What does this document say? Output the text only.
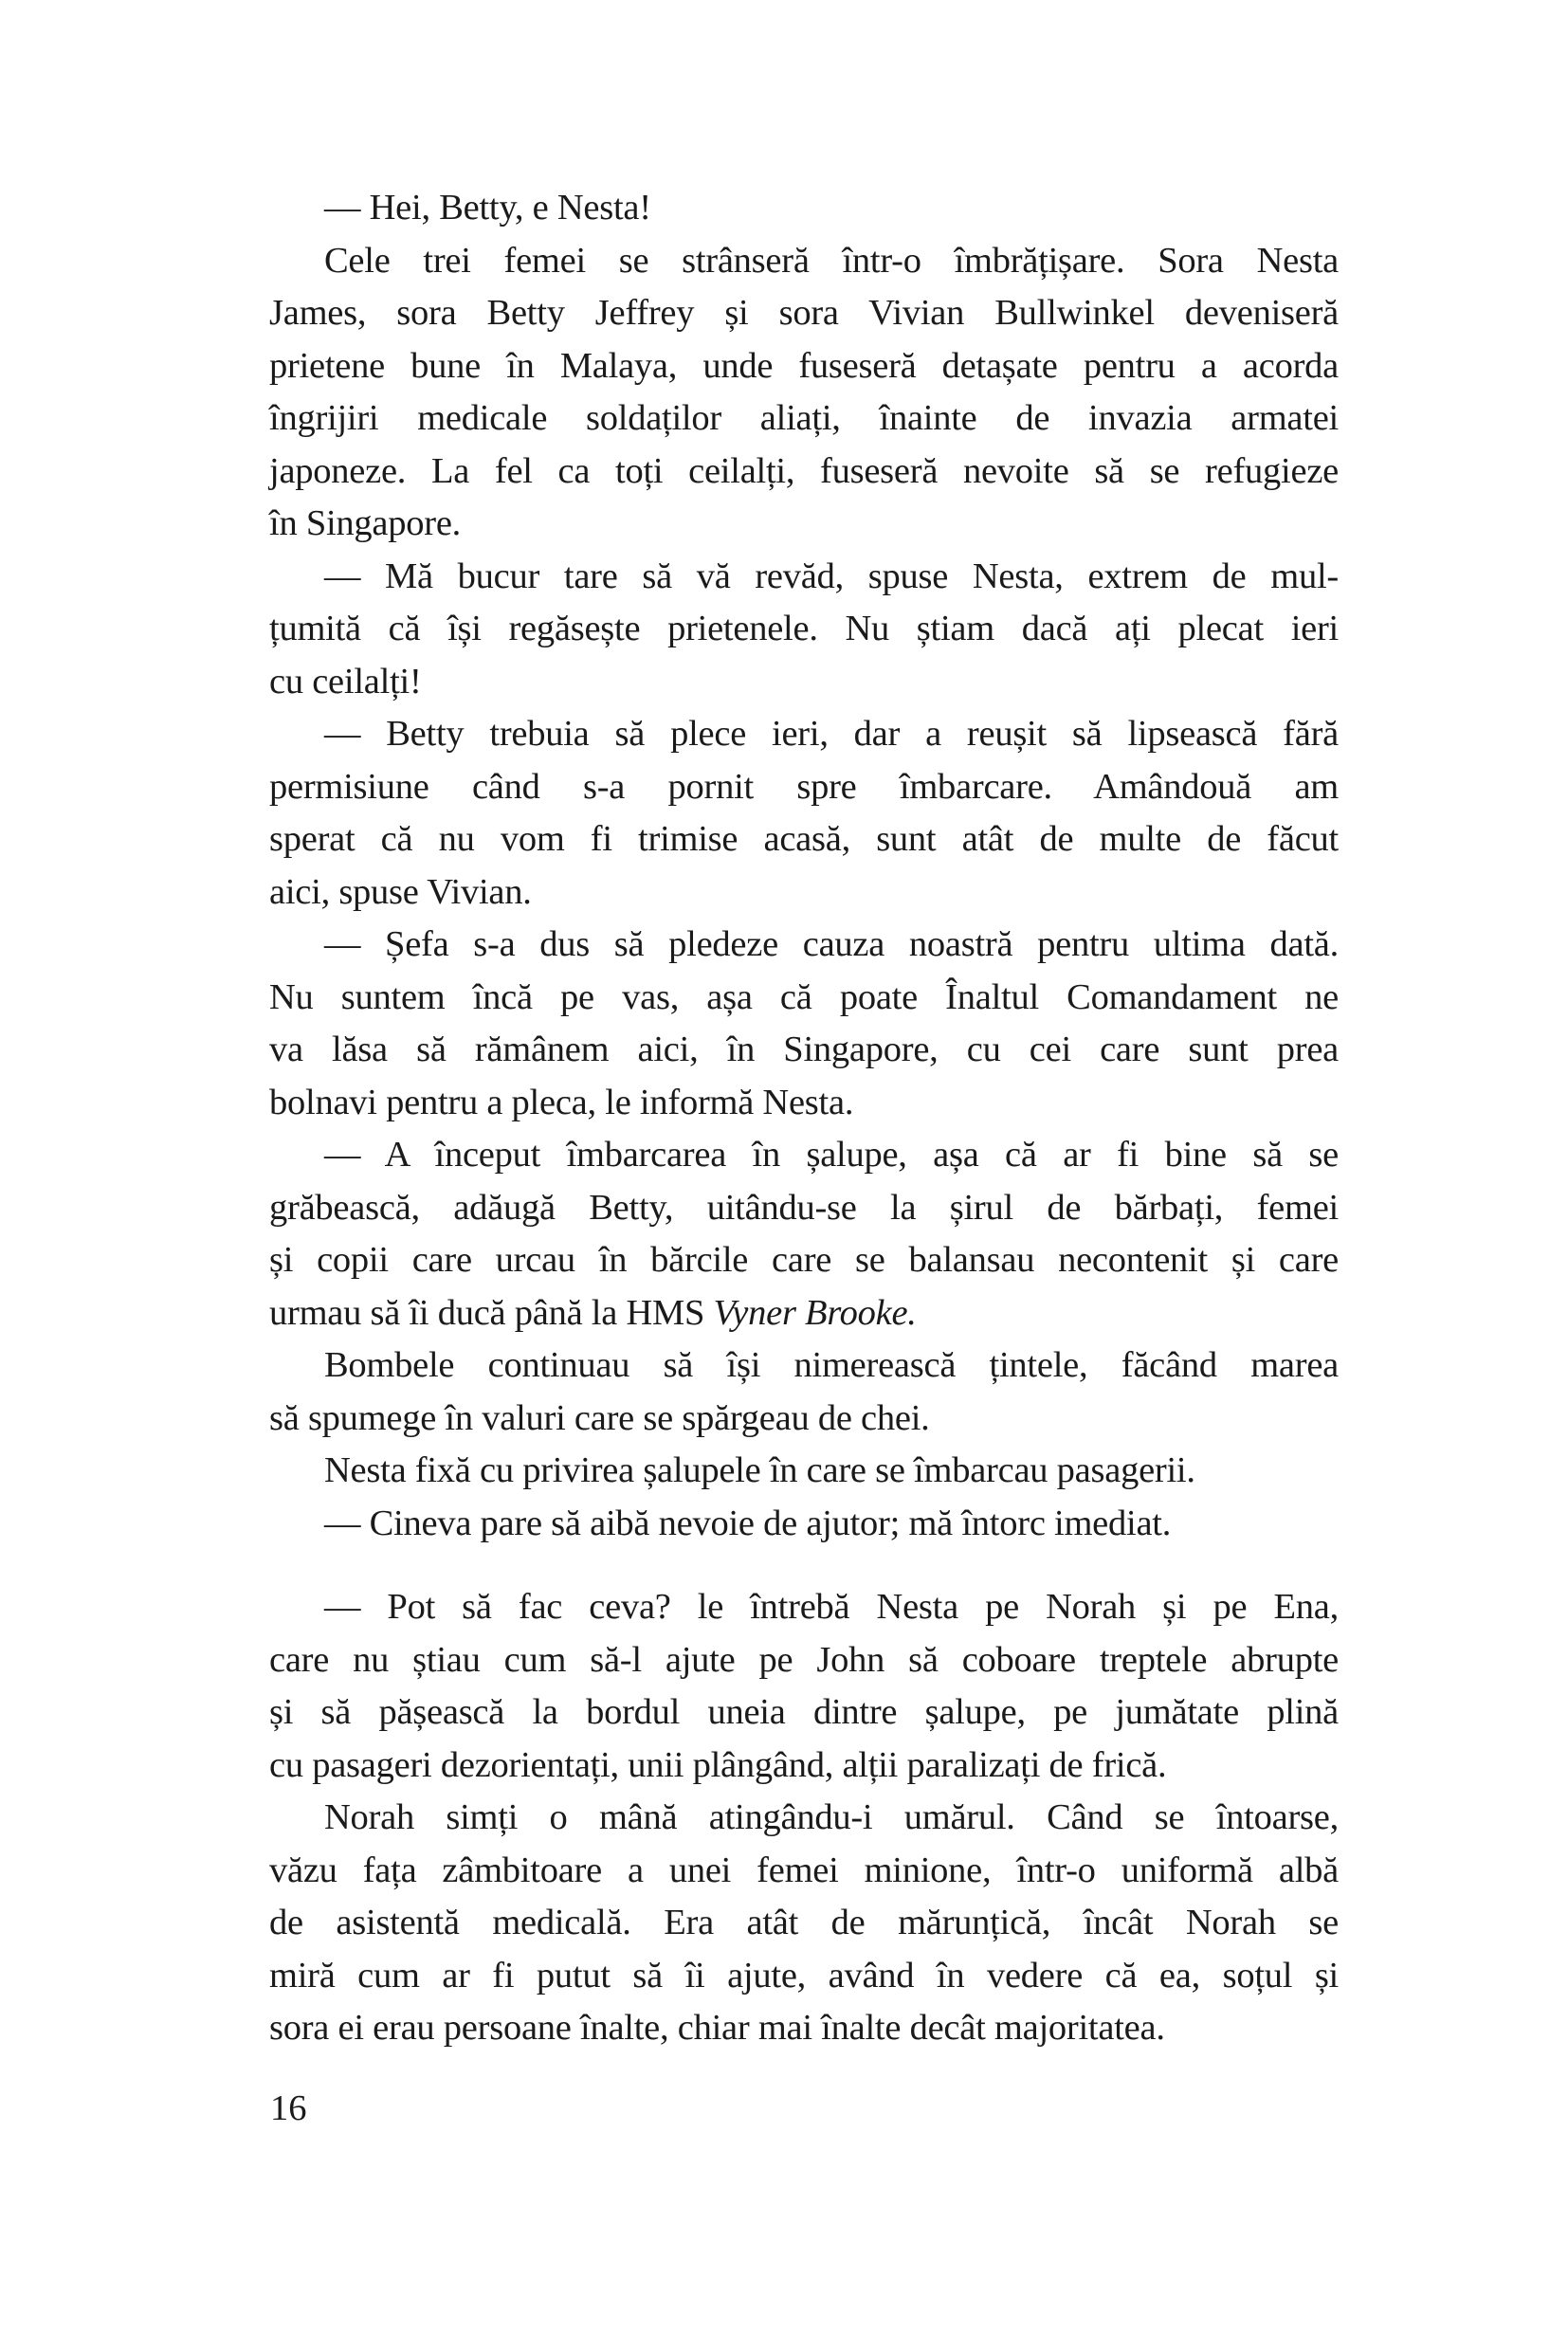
— Hei, Betty, e Nesta!
Cele trei femei se strânseră într-o îmbrățișare. Sora Nesta
James, sora Betty Jeffrey și sora Vivian Bullwinkel deveniseră
prietene bune în Malaya, unde fuseseră detașate pentru a acorda
îngrijiri medicale soldaților aliați, înainte de invazia armatei
japoneze. La fel ca toți ceilalți, fuseseră nevoite să se refugieze
în Singapore.
— Mă bucur tare să vă revăd, spuse Nesta, extrem de mul-
țumită că își regăsește prietenele. Nu știam dacă ați plecat ieri
cu ceilalți!
— Betty trebuia să plece ieri, dar a reușit să lipsească fără
permisiune când s-a pornit spre îmbarcare. Amândouă am
sperat că nu vom fi trimise acasă, sunt atât de multe de făcut
aici, spuse Vivian.
— Șefa s-a dus să pledeze cauza noastră pentru ultima dată.
Nu suntem încă pe vas, așa că poate Înaltul Comandament ne
va lăsa să rămânem aici, în Singapore, cu cei care sunt prea
bolnavi pentru a pleca, le informă Nesta.
— A început îmbarcarea în șalupe, așa că ar fi bine să se
grăbească, adăugă Betty, uitându-se la șirul de bărbați, femei
și copii care urcau în bărcile care se balansau necontenit și care
urmau să îi ducă până la HMS Vyner Brooke.
Bombele continuau să își nimerească țintele, făcând marea
să spumege în valuri care se spărgeau de chei.
Nesta fixă cu privirea șalupele în care se îmbarcau pasagerii.
— Cineva pare să aibă nevoie de ajutor; mă întorc imediat.
— Pot să fac ceva? le întrebă Nesta pe Norah și pe Ena,
care nu știau cum să-l ajute pe John să coboare treptele abrupte
și să pășească la bordul uneia dintre șalupe, pe jumătate plină
cu pasageri dezorientați, unii plângând, alții paralizați de frică.
Norah simți o mână atingându-i umărul. Când se întoarse,
văzu fața zâmbitoare a unei femei minione, într-o uniformă albă
de asistentă medicală. Era atât de mărunțică, încât Norah se
miră cum ar fi putut să îi ajute, având în vedere că ea, soțul și
sora ei erau persoane înalte, chiar mai înalte decât majoritatea.
16
